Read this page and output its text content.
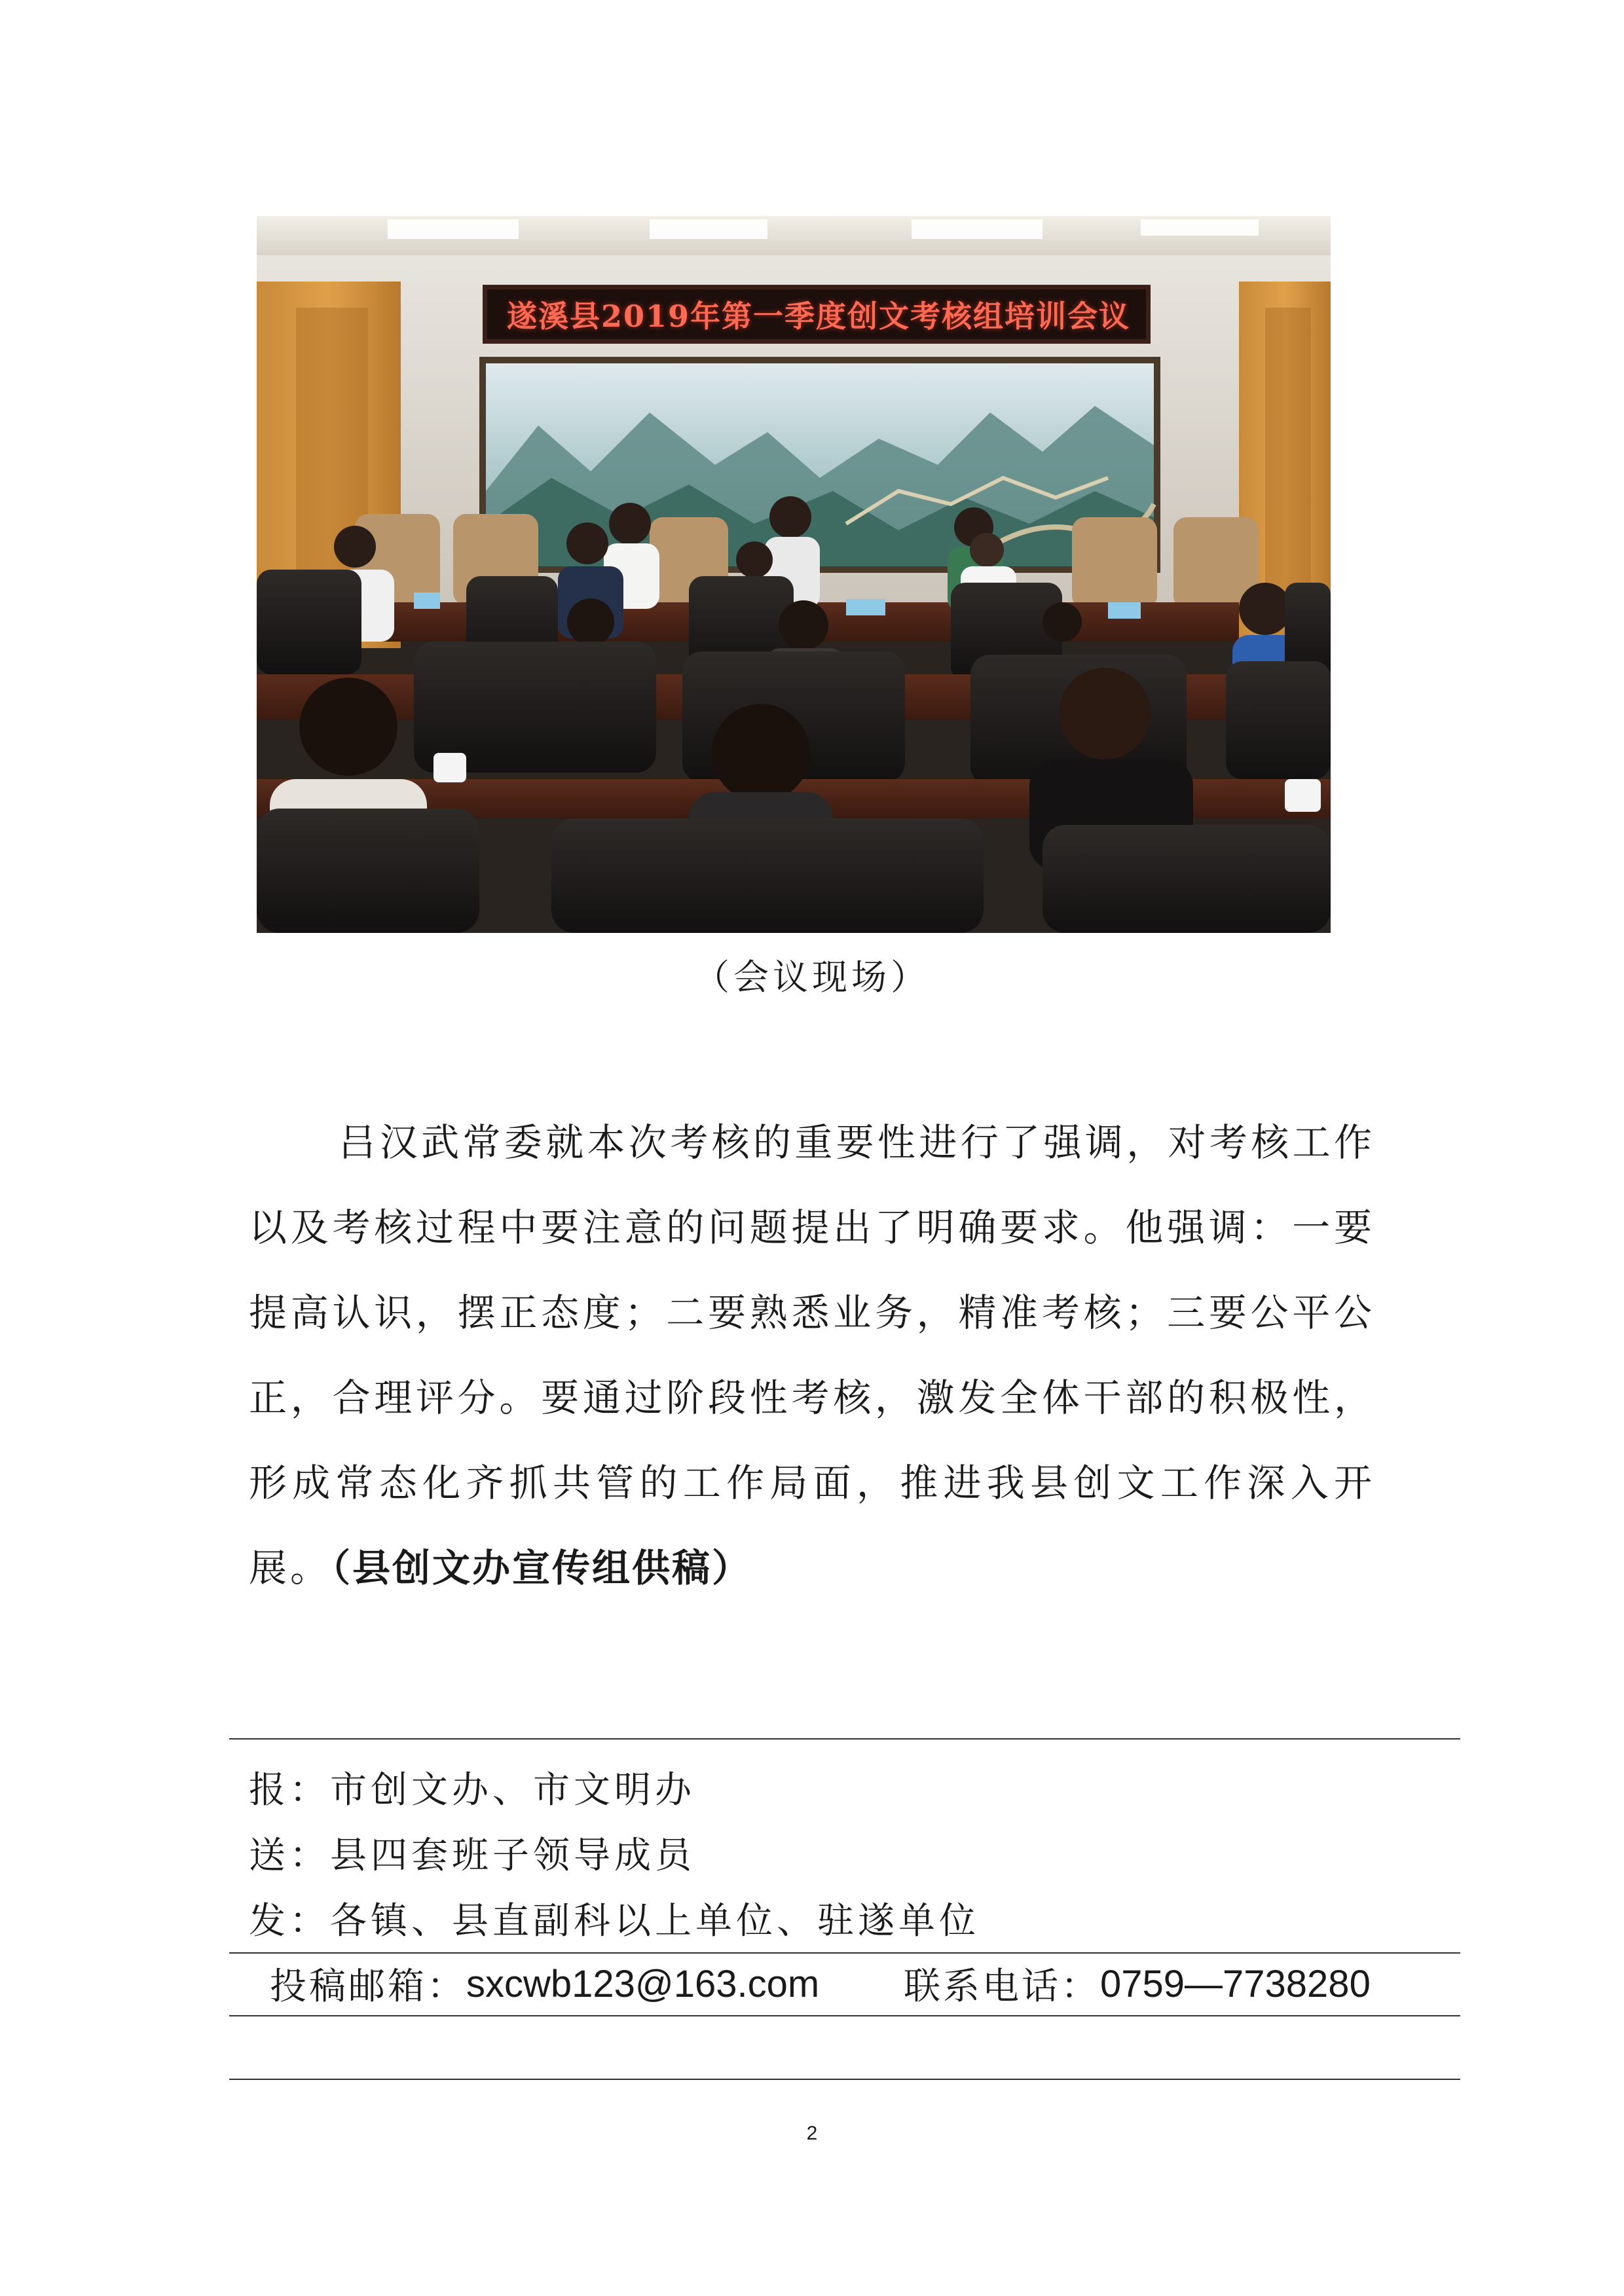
遂溪县2019年第一季度创文考核组培训会议
（会议现场）
吕汉武常委就本次考核的重要性进行了强调，对考核工作以及考核过程中要注意的问题提出了明确要求。他强调：一要提高认识，摆正态度；二要熟悉业务，精准考核；三要公平公正，合理评分。要通过阶段性考核，激发全体干部的积极性，形成常态化齐抓共管的工作局面，推进我县创文工作深入开展。（县创文办宣传组供稿）
报：市创文办、市文明办
送：县四套班子领导成员
发：各镇、县直副科以上单位、驻遂单位
投稿邮箱： sxcwb123@163.com 联系电话： 0759—7738280
2
